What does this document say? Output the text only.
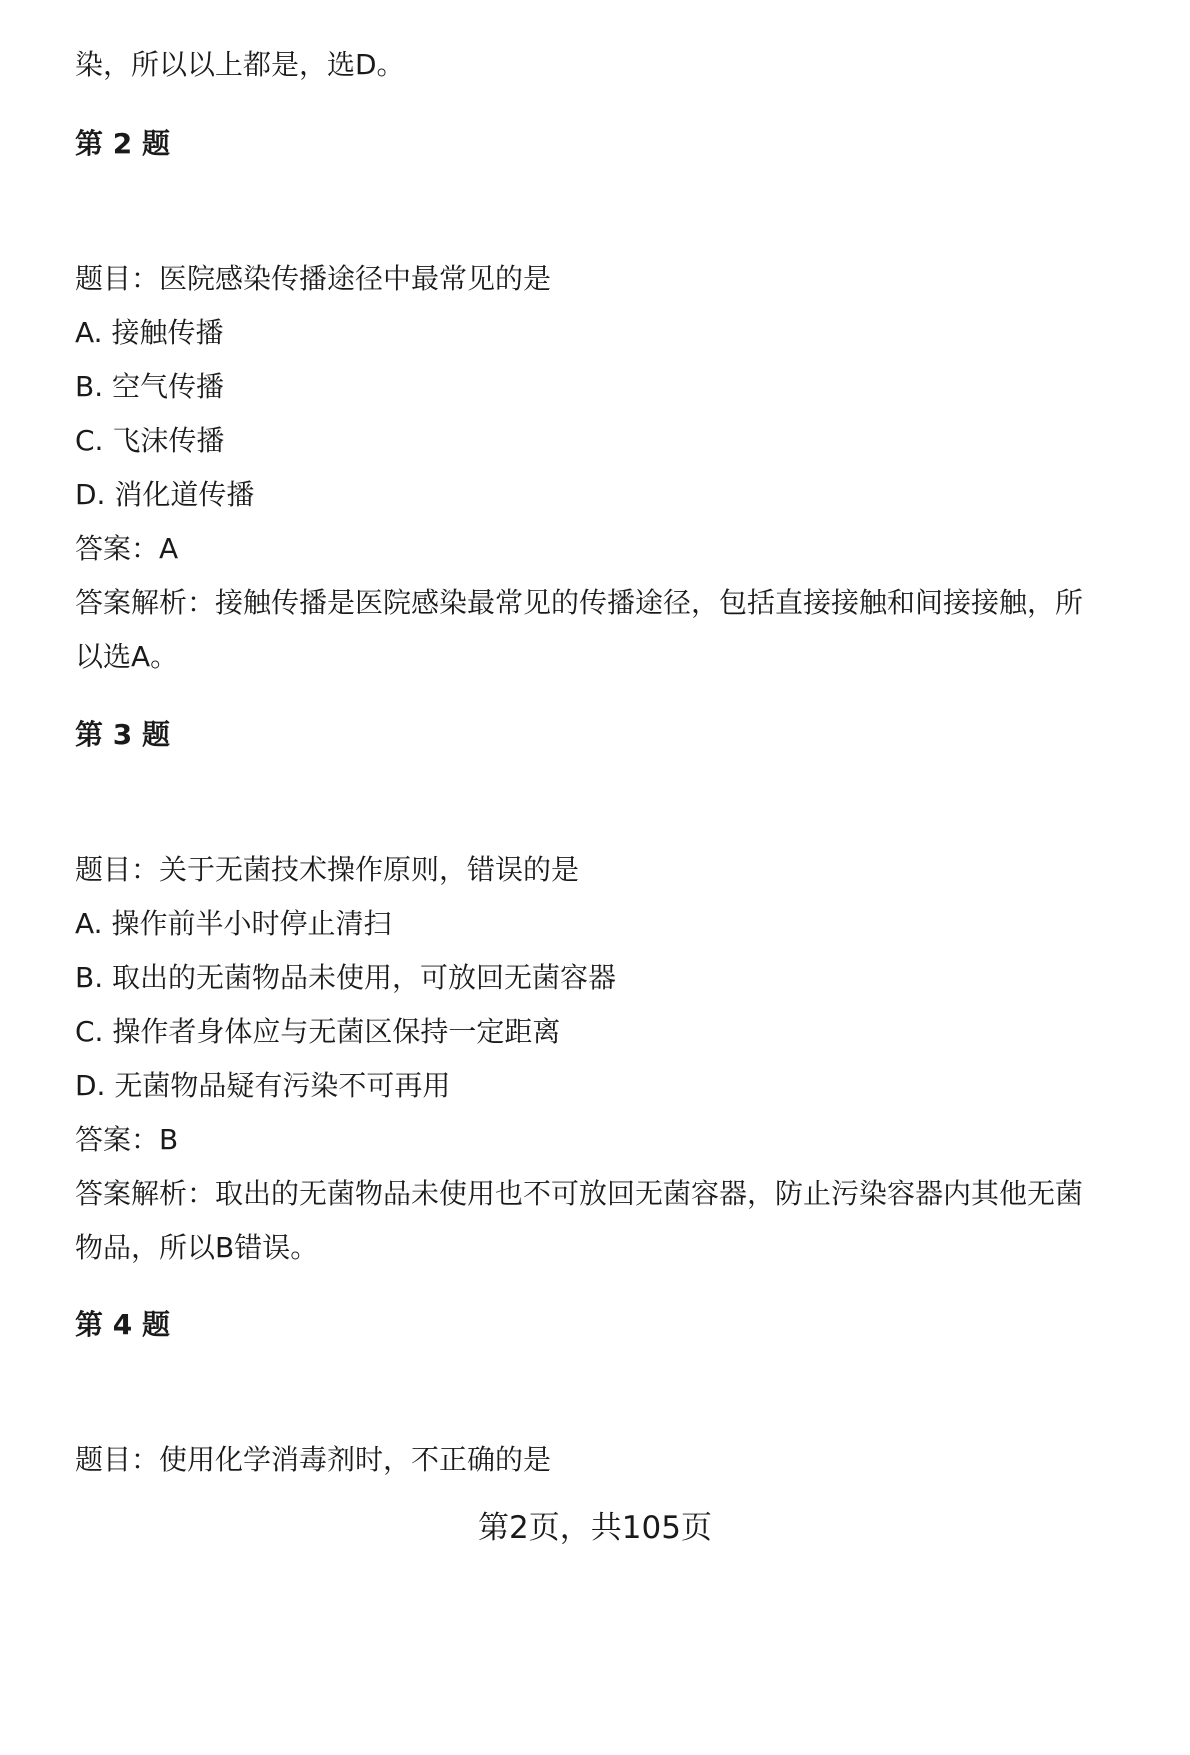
染，所以以上都是，选D。
第 2 题
题目：医院感染传播途径中最常见的是
A. 接触传播
B. 空气传播
C. 飞沫传播
D. 消化道传播
答案：A
答案解析：接触传播是医院感染最常见的传播途径，包括直接接触和间接接触，所
以选A。
第 3 题
题目：关于无菌技术操作原则，错误的是
A. 操作前半小时停止清扫
B. 取出的无菌物品未使用，可放回无菌容器
C. 操作者身体应与无菌区保持一定距离
D. 无菌物品疑有污染不可再用
答案：B
答案解析：取出的无菌物品未使用也不可放回无菌容器，防止污染容器内其他无菌
物品，所以B错误。
第 4 题
题目：使用化学消毒剂时，不正确的是
第2页，共105页
